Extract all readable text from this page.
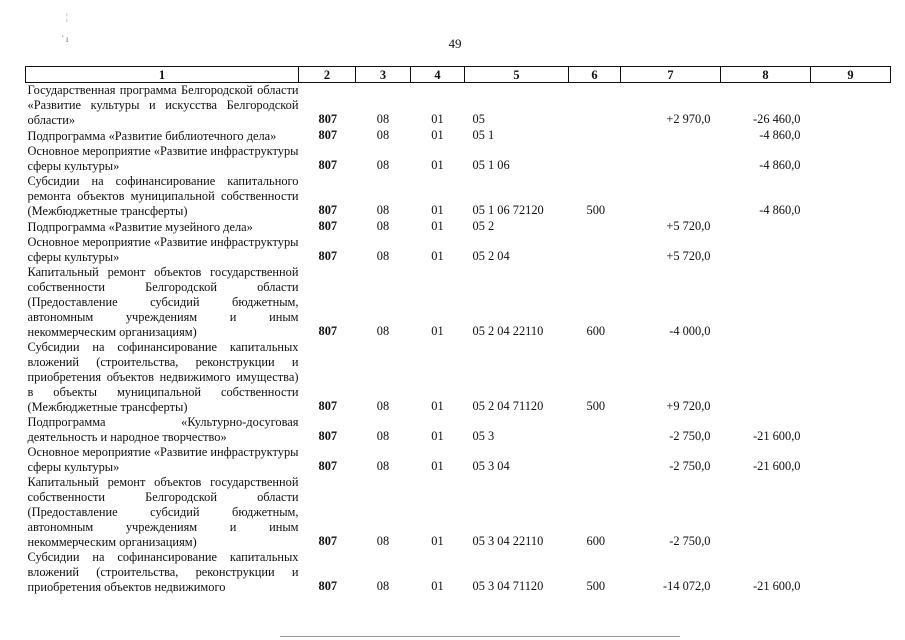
¦
' ı	49
1	2	3	4	5	6	7	8	9
Государственная программа Белгородской области «Развитие культуры и искусства Белгородской области»	807	08	01	05		+2 970,0	-26 460,0	
Подпрограмма «Развитие библиотечного дела»	807	08	01	05 1			-4 860,0	
Основное мероприятие «Развитие инфраструктуры сферы культуры»	807	08	01	05 1 06			-4 860,0	
Субсидии на софинансирование капитального ремонта объектов муниципальной собственности (Межбюджетные трансферты)	807	08	01	05 1 06 72120	500		-4 860,0	
Подпрограмма «Развитие музейного дела»	807	08	01	05 2		+5 720,0		
Основное мероприятие «Развитие инфраструктуры сферы культуры»	807	08	01	05 2 04		+5 720,0		
Капитальный ремонт объектов государственной собственности Белгородской области (Предоставление субсидий бюджетным, автономным учреждениям и иным некоммерческим организациям)	807	08	01	05 2 04 22110	600	-4 000,0		
Субсидии на софинансирование капитальных вложений (строительства, реконструкции и приобретения объектов недвижимого имущества) в объекты муниципальной собственности (Межбюджетные трансферты)	807	08	01	05 2 04 71120	500	+9 720,0		
Подпрограмма «Культурно-досуговая деятельность и народное творчество»	807	08	01	05 3		-2 750,0	-21 600,0	
Основное мероприятие «Развитие инфраструктуры сферы культуры»	807	08	01	05 3 04		-2 750,0	-21 600,0	
Капитальный ремонт объектов государственной собственности Белгородской области (Предоставление субсидий бюджетным, автономным учреждениям и иным некоммерческим организациям)	807	08	01	05 3 04 22110	600	-2 750,0		
Субсидии на софинансирование капитальных вложений (строительства, реконструкции и приобретения объектов недвижимого	807	08	01	05 3 04 71120	500	-14 072,0	-21 600,0	
